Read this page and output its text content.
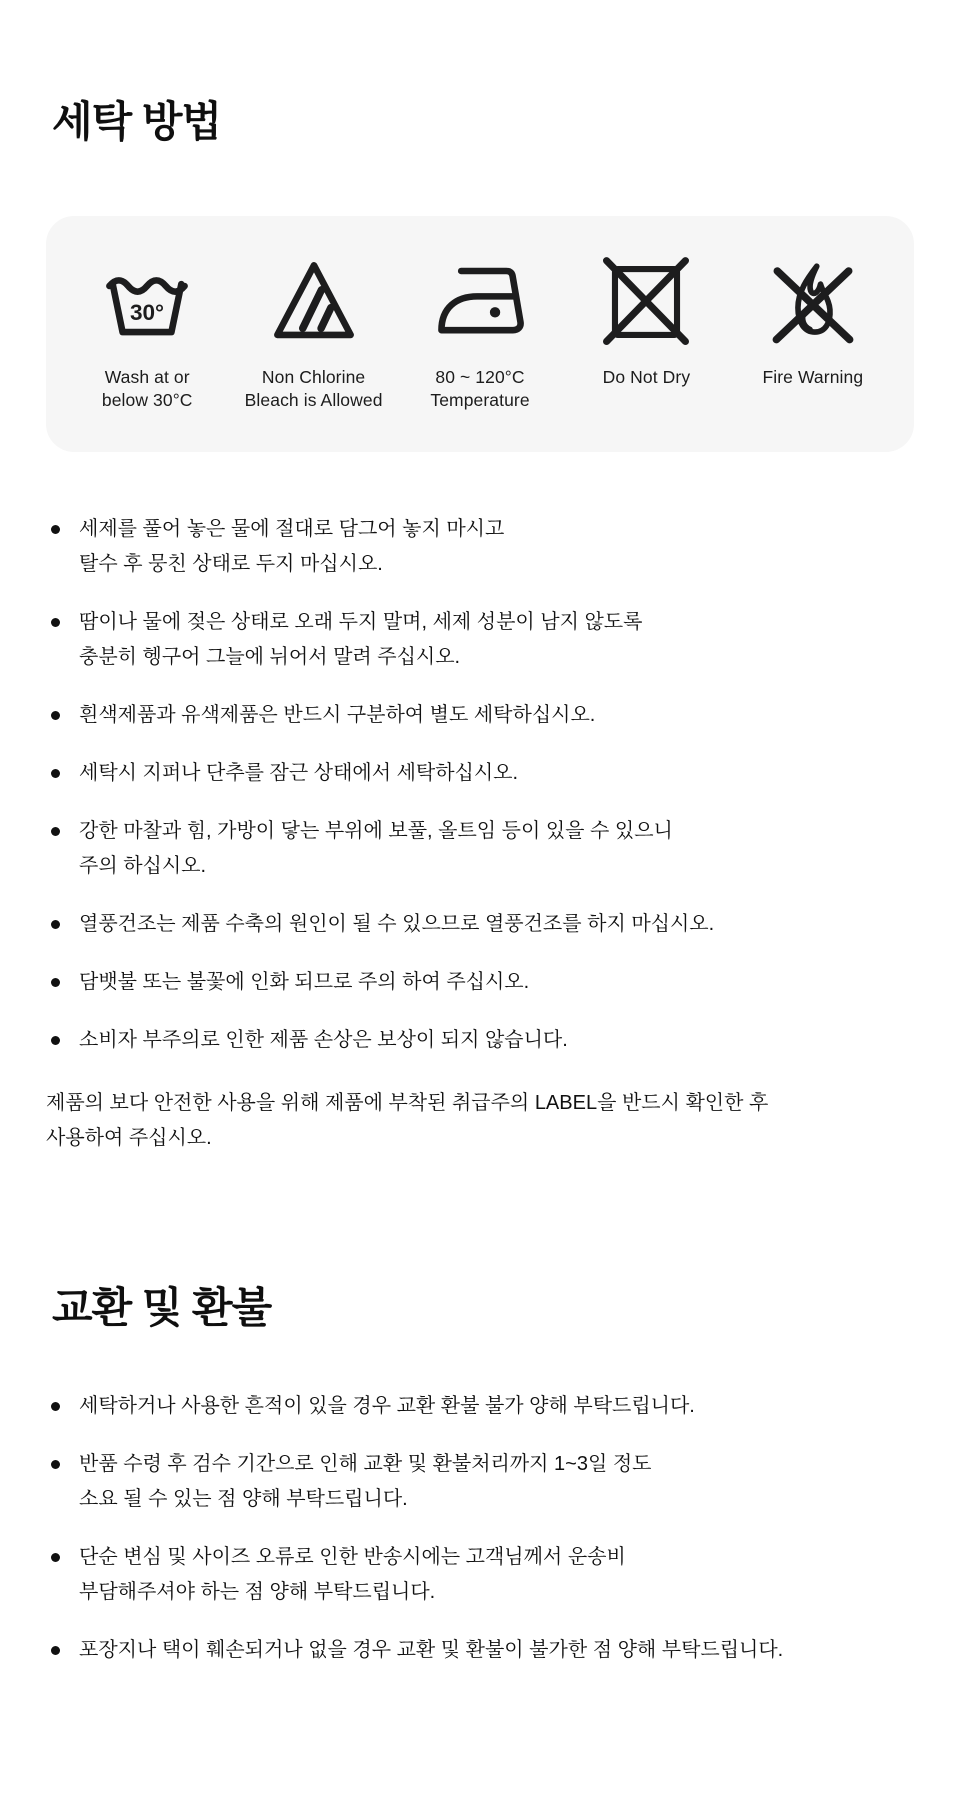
세탁 방법
30°
Wash at or
below 30°C
Non Chlorine
Bleach is Allowed
80 ~ 120°C
Temperature
Do Not Dry	Fire Warning
세제를 풀어 놓은 물에 절대로 담그어 놓지 마시고
탈수 후 뭉친 상태로 두지 마십시오.
땀이나 물에 젖은 상태로 오래 두지 말며, 세제 성분이 남지 않도록
충분히 헹구어 그늘에 뉘어서 말려 주십시오.
흰색제품과 유색제품은 반드시 구분하여 별도 세탁하십시오.
세탁시 지퍼나 단추를 잠근 상태에서 세탁하십시오.
강한 마찰과 힘, 가방이 닿는 부위에 보풀, 올트임 등이 있을 수 있으니
주의 하십시오.
열풍건조는 제품 수축의 원인이 될 수 있으므로 열풍건조를 하지 마십시오.
담뱃불 또는 불꽃에 인화 되므로 주의 하여 주십시오.
소비자 부주의로 인한 제품 손상은 보상이 되지 않습니다.

제품의 보다 안전한 사용을 위해 제품에 부착된 취급주의 LABEL을 반드시 확인한 후
사용하여 주십시오.

교환 및 환불
세탁하거나 사용한 흔적이 있을 경우 교환 환불 불가 양해 부탁드립니다.
반품 수령 후 검수 기간으로 인해 교환 및 환불처리까지 1~3일 정도
소요 될 수 있는 점 양해 부탁드립니다.
단순 변심 및 사이즈 오류로 인한 반송시에는 고객님께서 운송비
부담해주셔야 하는 점 양해 부탁드립니다.
포장지나 택이 훼손되거나 없을 경우 교환 및 환불이 불가한 점 양해 부탁드립니다.
